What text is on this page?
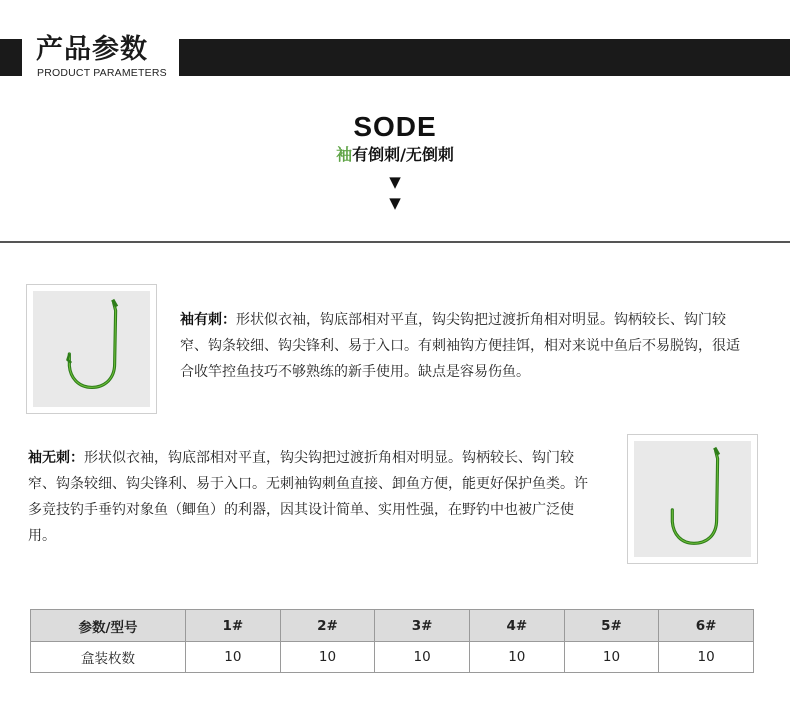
产品参数
PRODUCT PARAMETERS
SODE
袖有倒刺/无倒刺
▼
▼

袖有刺：形状似衣袖，钩底部相对平直，钩尖钩把过渡折角相对明显。钩柄较长、钩门较窄、钩条较细、钩尖锋利、易于入口。有刺袖钩方便挂饵，相对来说中鱼后不易脱钩，很适合收竿控鱼技巧不够熟练的新手使用。缺点是容易伤鱼。

袖无刺：形状似衣袖，钩底部相对平直，钩尖钩把过渡折角相对明显。钩柄较长、钩门较窄、钩条较细、钩尖锋利、易于入口。无刺袖钩刺鱼直接、卸鱼方便，能更好保护鱼类。许多竞技钓手垂钓对象鱼（鲫鱼）的利器，因其设计简单、实用性强，在野钓中也被广泛使用。

参数/型号	1#	2#	3#	4#	5#	6#
盒装枚数	10	10	10	10	10	10
